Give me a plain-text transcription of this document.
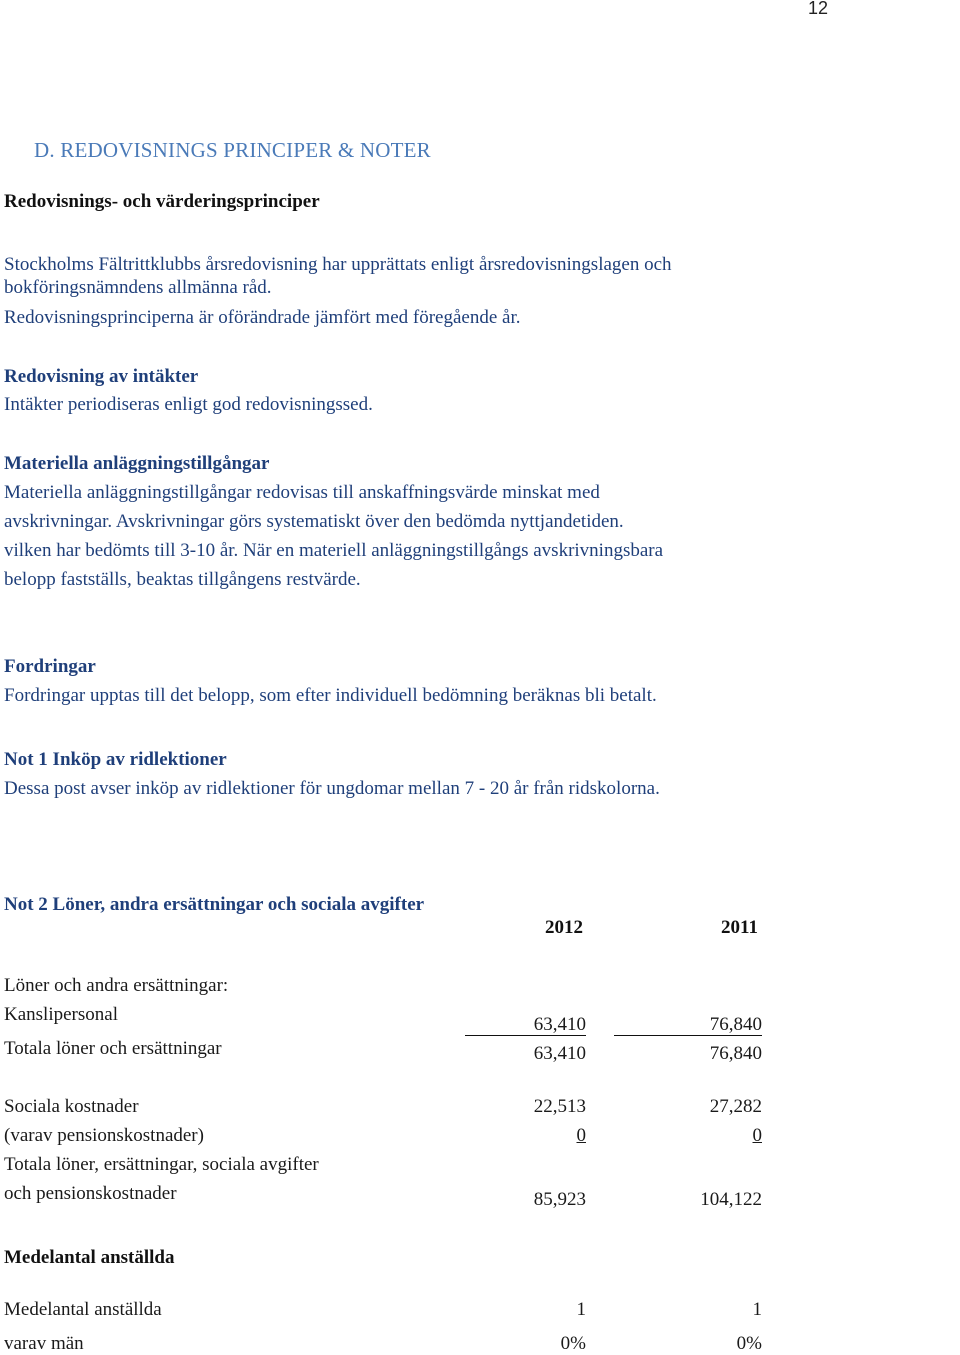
12
D. REDOVISNINGS PRINCIPER & NOTER
Redovisnings- och värderingsprinciper
Stockholms Fältrittklubbs årsredovisning har upprättats enligt årsredovisningslagen och
bokföringsnämndens allmänna råd.
Redovisningsprinciperna är oförändrade jämfört med föregående år.
Redovisning av intäkter
Intäkter periodiseras enligt god redovisningssed.
Materiella anläggningstillgångar
Materiella anläggningstillgångar redovisas till anskaffningsvärde minskat med
avskrivningar. Avskrivningar görs systematiskt över den bedömda nyttjandetiden.
vilken har bedömts till 3-10 år. När en materiell anläggningstillgångs avskrivningsbara
belopp fastställs, beaktas tillgångens restvärde.
Fordringar
Fordringar upptas till det belopp, som efter individuell bedömning beräknas bli betalt.
Not 1 Inköp av ridlektioner
Dessa post avser inköp av ridlektioner för ungdomar mellan 7 - 20 år från ridskolorna.
Not 2 Löner, andra ersättningar och sociala avgifter
2012	2011
Löner och andra ersättningar:
Kanslipersonal	63,410	76,840
Totala löner och ersättningar	63,410	76,840
Sociala kostnader	22,513	27,282
(varav pensionskostnader)	0	0
Totala löner, ersättningar, sociala avgifter
och pensionskostnader	85,923	104,122
Medelantal anställda
Medelantal anställda	1	1
varav män	0%	0%
